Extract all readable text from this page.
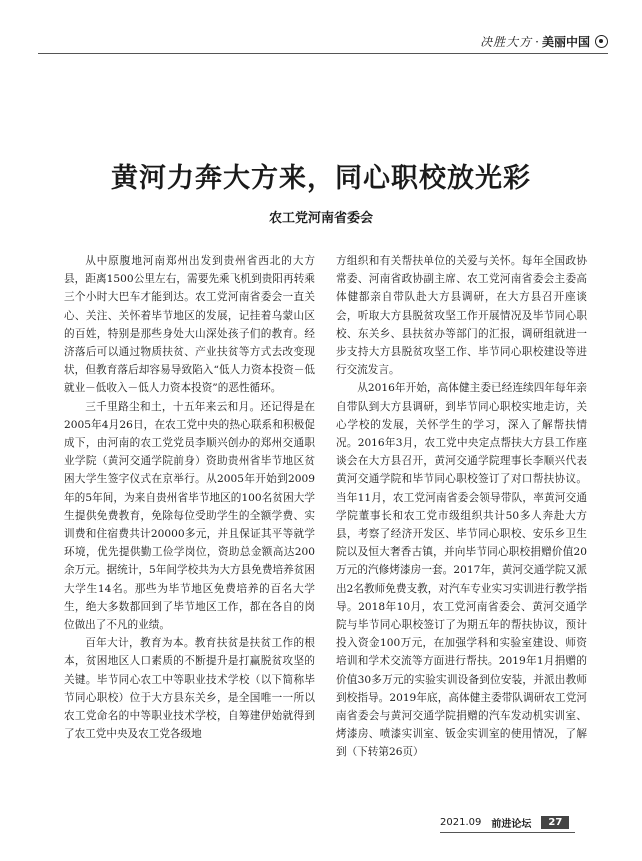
决胜大方 · 美丽中国
黄河力奔大方来，同心职校放光彩
农工党河南省委会

从中原腹地河南郑州出发到贵州省西北的大方县，距离1500公里左右，需要先乘飞机到贵阳再转乘三个小时大巴车才能到达。农工党河南省委会一直关心、关注、关怀着毕节地区的发展，记挂着乌蒙山区的百姓，特别是那些身处大山深处孩子们的教育。经济落后可以通过物质扶贫、产业扶贫等方式去改变现状，但教育落后却容易导致陷入“低人力资本投资－低就业－低收入－低人力资本投资”的恶性循环。

三千里路尘和土，十五年来云和月。还记得是在2005年4月26日，在农工党中央的热心联系和积极促成下，由河南的农工党党员李顺兴创办的郑州交通职业学院（黄河交通学院前身）资助贵州省毕节地区贫困大学生签字仪式在京举行。从2005年开始到2009年的5年间，为来自贵州省毕节地区的100名贫困大学生提供免费教育，免除每位受助学生的全额学费、实训费和住宿费共计20000多元，并且保证其平等就学环境，优先提供勤工俭学岗位，资助总金额高达200余万元。据统计，5年间学校共为大方县免费培养贫困大学生14名。那些为毕节地区免费培养的百名大学生，绝大多数都回到了毕节地区工作，都在各自的岗位做出了不凡的业绩。

百年大计，教育为本。教育扶贫是扶贫工作的根本，贫困地区人口素质的不断提升是打赢脱贫攻坚的关键。毕节同心农工中等职业技术学校（以下简称毕节同心职校）位于大方县东关乡，是全国唯一一所以农工党命名的中等职业技术学校，自筹建伊始就得到了农工党中央及农工党各级地

方组织和有关帮扶单位的关爱与关怀。每年全国政协常委、河南省政协副主席、农工党河南省委会主委高体健都亲自带队赴大方县调研，在大方县召开座谈会，听取大方县脱贫攻坚工作开展情况及毕节同心职校、东关乡、县扶贫办等部门的汇报，调研组就进一步支持大方县脱贫攻坚工作、毕节同心职校建设等进行交流发言。

从2016年开始，高体健主委已经连续四年每年亲自带队到大方县调研，到毕节同心职校实地走访，关心学校的发展，关怀学生的学习，深入了解帮扶情况。2016年3月，农工党中央定点帮扶大方县工作座谈会在大方县召开，黄河交通学院理事长李顺兴代表黄河交通学院和毕节同心职校签订了对口帮扶协议。当年11月，农工党河南省委会领导带队，率黄河交通学院董事长和农工党市级组织共计50多人奔赴大方县，考察了经济开发区、毕节同心职校、安乐乡卫生院以及恒大奢香古镇，并向毕节同心职校捐赠价值20万元的汽修烤漆房一套。2017年，黄河交通学院又派出2名教师免费支教，对汽车专业实习实训进行教学指导。2018年10月，农工党河南省委会、黄河交通学院与毕节同心职校签订了为期五年的帮扶协议，预计投入资金100万元，在加强学科和实验室建设、师资培训和学术交流等方面进行帮扶。2019年1月捐赠的价值30多万元的实验实训设备到位安装，并派出教师到校指导。2019年底，高体健主委带队调研农工党河南省委会与黄河交通学院捐赠的汽车发动机实训室、烤漆房、喷漆实训室、钣金实训室的使用情况，了解到（下转第26页）

2021.09 前进论坛	27
